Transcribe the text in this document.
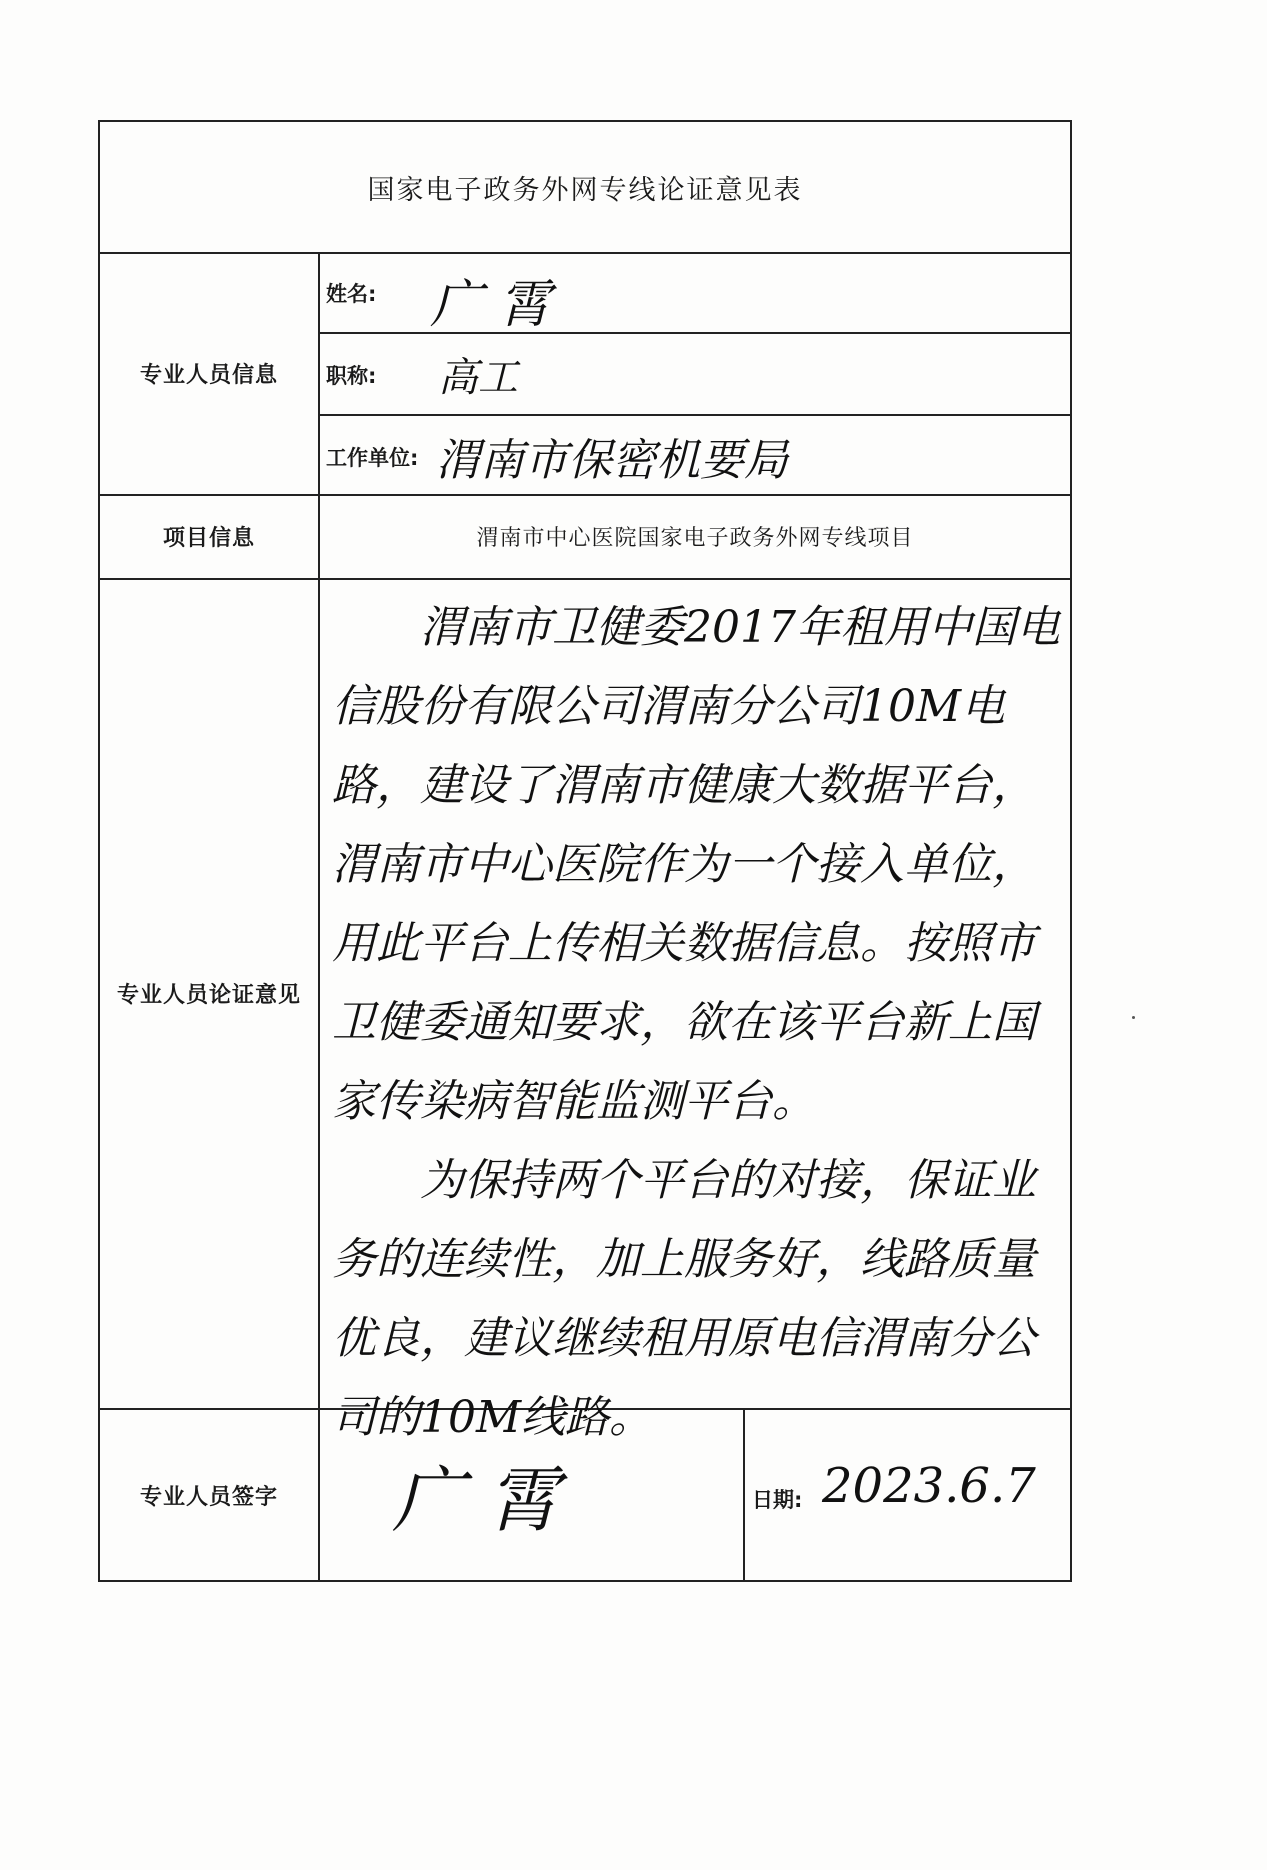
国家电子政务外网专线论证意见表
专业人员信息
姓名: 广 霄
职称: 高工
工作单位: 渭南市保密机要局
项目信息	渭南市中心医院国家电子政务外网专线项目
专业人员论证意见

渭南市卫健委2017年租用中国电信股份有限公司渭南分公司10M电路，建设了渭南市健康大数据平台，渭南市中心医院作为一个接入单位，用此平台上传相关数据信息。按照市卫健委通知要求，欲在该平台新上国家传染病智能监测平台。

为保持两个平台的对接，保证业务的连续性，加上服务好，线路质量优良，建议继续租用原电信渭南分公司的10M线路。

专业人员签字	广 霄	日期: 2023.6.7
